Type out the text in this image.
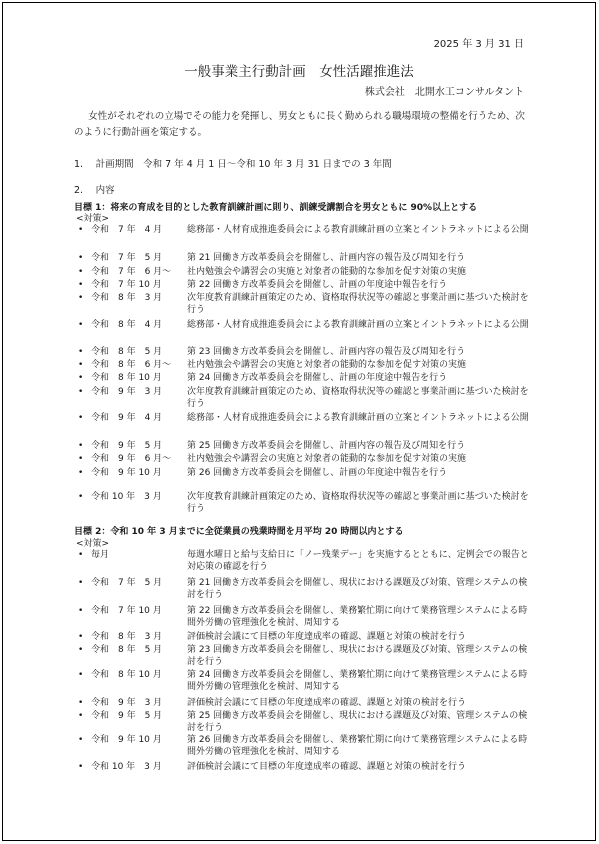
2025 年 3 月 31 日
一般事業主行動計画　女性活躍推進法
株式会社　北開水工コンサルタント
女性がそれぞれの立場でその能力を発揮し、男女ともに長く勤められる職場環境の整備を行うため、次のように行動計画を策定する。
1.　 計画期間　令和 7 年 4 月 1 日～令和 10 年 3 月 31 日までの 3 年間
2.　 内容
目標 1：将来の育成を目的とした教育訓練計画に則り、訓練受講割合を男女ともに 90%以上とする
<対策>
• 令和　7 年　4 月	総務部・人材育成推進委員会による教育訓練計画の立案とイントラネットによる公開
• 令和　7 年　5 月	第 21 回働き方改革委員会を開催し、計画内容の報告及び周知を行う
• 令和　7 年　6 月～ 社内勉強会や講習会の実施と対象者の能動的な参加を促す対策の実施
• 令和　7 年 10 月	第 22 回働き方改革委員会を開催し、計画の年度途中報告を行う
• 令和　8 年　3 月	次年度教育訓練計画策定のため、資格取得状況等の確認と事業計画に基づいた検討を行う
• 令和　8 年　4 月	総務部・人材育成推進委員会による教育訓練計画の立案とイントラネットによる公開
• 令和　8 年　5 月	第 23 回働き方改革委員会を開催し、計画内容の報告及び周知を行う
• 令和　8 年　6 月～ 社内勉強会や講習会の実施と対象者の能動的な参加を促す対策の実施
• 令和　8 年 10 月	第 24 回働き方改革委員会を開催し、計画の年度途中報告を行う
• 令和　9 年　3 月	次年度教育訓練計画策定のため、資格取得状況等の確認と事業計画に基づいた検討を行う
• 令和　9 年　4 月	総務部・人材育成推進委員会による教育訓練計画の立案とイントラネットによる公開
• 令和　9 年　5 月	第 25 回働き方改革委員会を開催し、計画内容の報告及び周知を行う
• 令和　9 年　6 月～ 社内勉強会や講習会の実施と対象者の能動的な参加を促す対策の実施
• 令和　9 年 10 月	第 26 回働き方改革委員会を開催し、計画の年度途中報告を行う
• 令和 10 年　3 月	次年度教育訓練計画策定のため、資格取得状況等の確認と事業計画に基づいた検討を行う
目標 2：令和 10 年 3 月までに全従業員の残業時間を月平均 20 時間以内とする
<対策>
• 毎月	毎週水曜日と給与支給日に「ノー残業デー」を実施するとともに、定例会での報告と対応策の確認を行う
• 令和　7 年　5 月	第 21 回働き方改革委員会を開催し、現状における課題及び対策、管理システムの検討を行う
• 令和　7 年 10 月	第 22 回働き方改革委員会を開催し、業務繁忙期に向けて業務管理システムによる時間外労働の管理強化を検討、周知する
• 令和　8 年　3 月	評価検討会議にて目標の年度達成率の確認、課題と対策の検討を行う
• 令和　8 年　5 月	第 23 回働き方改革委員会を開催し、現状における課題及び対策、管理システムの検討を行う
• 令和　8 年 10 月	第 24 回働き方改革委員会を開催し、業務繁忙期に向けて業務管理システムによる時間外労働の管理強化を検討、周知する
• 令和　9 年　3 月	評価検討会議にて目標の年度達成率の確認、課題と対策の検討を行う
• 令和　9 年　5 月	第 25 回働き方改革委員会を開催し、現状における課題及び対策、管理システムの検討を行う
• 令和　9 年 10 月	第 26 回働き方改革委員会を開催し、業務繁忙期に向けて業務管理システムによる時間外労働の管理強化を検討、周知する
• 令和 10 年　3 月	評価検討会議にて目標の年度達成率の確認、課題と対策の検討を行う
